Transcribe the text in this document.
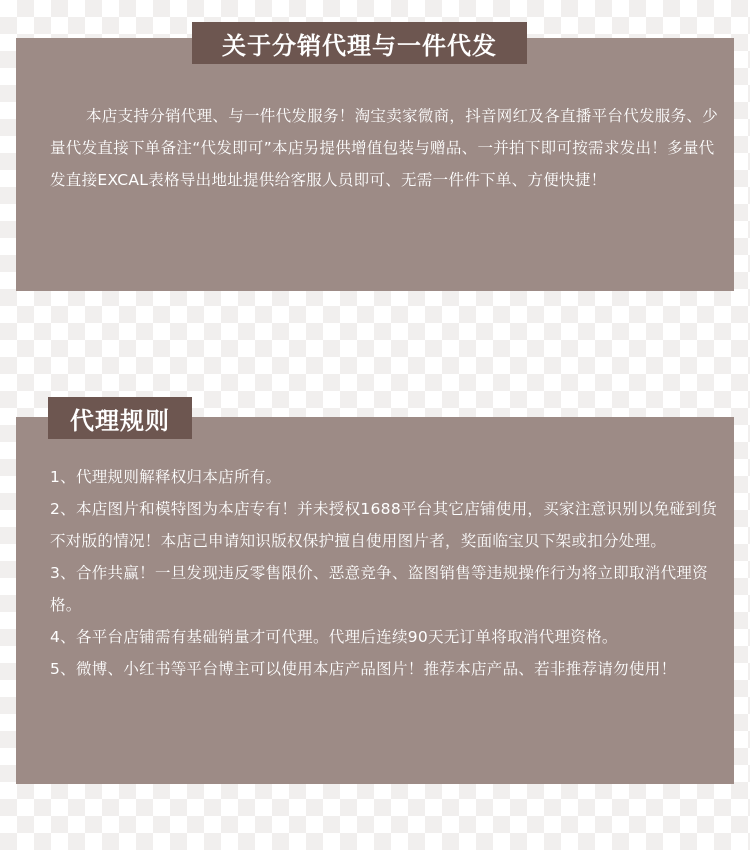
关于分销代理与一件代发

本店支持分销代理、与一件代发服务！淘宝卖家微商，抖音网红及各直播平台代发服务、少量代发直接下单备注“代发即可”本店另提供增值包装与赠品、一并拍下即可按需求发出！多量代发直接EXCAL表格导出地址提供给客服人员即可、无需一件件下单、方便快捷！

代理规则
1、代理规则解释权归本店所有。
2、本店图片和模特图为本店专有！并未授权1688平台其它店铺使用，买家注意识别以免碰到货不对版的情况！本店己申请知识版权保护擅自使用图片者，奖面临宝贝下架或扣分处理。
3、合作共赢！一旦发现违反零售限价、恶意竞争、盗图销售等违规操作行为将立即取消代理资格。
4、各平台店铺需有基础销量才可代理。代理后连续90天无订单将取消代理资格。
5、微博、小红书等平台博主可以使用本店产品图片！推荐本店产品、若非推荐请勿使用！
